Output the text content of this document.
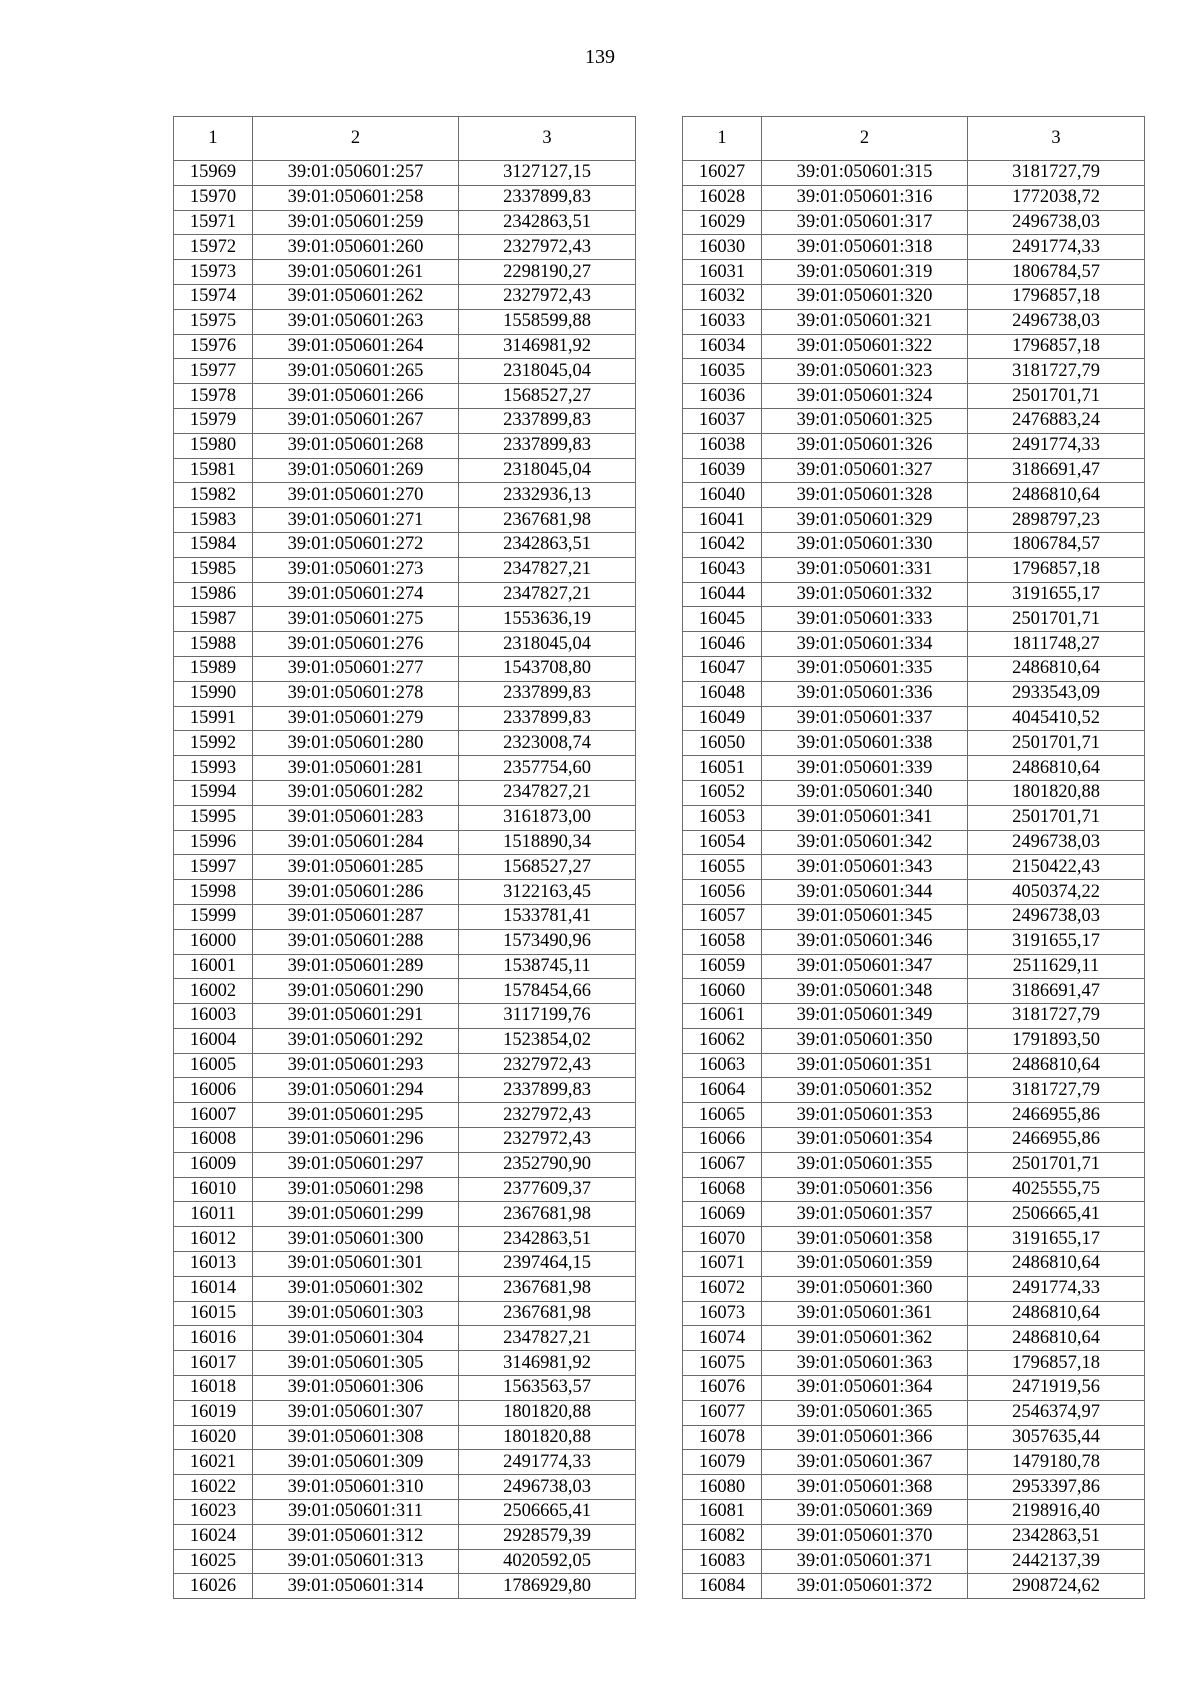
139
1	2	3
15969	39:01:050601:257	3127127,15
15970	39:01:050601:258	2337899,83
15971	39:01:050601:259	2342863,51
15972	39:01:050601:260	2327972,43
15973	39:01:050601:261	2298190,27
15974	39:01:050601:262	2327972,43
15975	39:01:050601:263	1558599,88
15976	39:01:050601:264	3146981,92
15977	39:01:050601:265	2318045,04
15978	39:01:050601:266	1568527,27
15979	39:01:050601:267	2337899,83
15980	39:01:050601:268	2337899,83
15981	39:01:050601:269	2318045,04
15982	39:01:050601:270	2332936,13
15983	39:01:050601:271	2367681,98
15984	39:01:050601:272	2342863,51
15985	39:01:050601:273	2347827,21
15986	39:01:050601:274	2347827,21
15987	39:01:050601:275	1553636,19
15988	39:01:050601:276	2318045,04
15989	39:01:050601:277	1543708,80
15990	39:01:050601:278	2337899,83
15991	39:01:050601:279	2337899,83
15992	39:01:050601:280	2323008,74
15993	39:01:050601:281	2357754,60
15994	39:01:050601:282	2347827,21
15995	39:01:050601:283	3161873,00
15996	39:01:050601:284	1518890,34
15997	39:01:050601:285	1568527,27
15998	39:01:050601:286	3122163,45
15999	39:01:050601:287	1533781,41
16000	39:01:050601:288	1573490,96
16001	39:01:050601:289	1538745,11
16002	39:01:050601:290	1578454,66
16003	39:01:050601:291	3117199,76
16004	39:01:050601:292	1523854,02
16005	39:01:050601:293	2327972,43
16006	39:01:050601:294	2337899,83
16007	39:01:050601:295	2327972,43
16008	39:01:050601:296	2327972,43
16009	39:01:050601:297	2352790,90
16010	39:01:050601:298	2377609,37
16011	39:01:050601:299	2367681,98
16012	39:01:050601:300	2342863,51
16013	39:01:050601:301	2397464,15
16014	39:01:050601:302	2367681,98
16015	39:01:050601:303	2367681,98
16016	39:01:050601:304	2347827,21
16017	39:01:050601:305	3146981,92
16018	39:01:050601:306	1563563,57
16019	39:01:050601:307	1801820,88
16020	39:01:050601:308	1801820,88
16021	39:01:050601:309	2491774,33
16022	39:01:050601:310	2496738,03
16023	39:01:050601:311	2506665,41
16024	39:01:050601:312	2928579,39
16025	39:01:050601:313	4020592,05
16026	39:01:050601:314	1786929,80
1	2	3
16027	39:01:050601:315	3181727,79
16028	39:01:050601:316	1772038,72
16029	39:01:050601:317	2496738,03
16030	39:01:050601:318	2491774,33
16031	39:01:050601:319	1806784,57
16032	39:01:050601:320	1796857,18
16033	39:01:050601:321	2496738,03
16034	39:01:050601:322	1796857,18
16035	39:01:050601:323	3181727,79
16036	39:01:050601:324	2501701,71
16037	39:01:050601:325	2476883,24
16038	39:01:050601:326	2491774,33
16039	39:01:050601:327	3186691,47
16040	39:01:050601:328	2486810,64
16041	39:01:050601:329	2898797,23
16042	39:01:050601:330	1806784,57
16043	39:01:050601:331	1796857,18
16044	39:01:050601:332	3191655,17
16045	39:01:050601:333	2501701,71
16046	39:01:050601:334	1811748,27
16047	39:01:050601:335	2486810,64
16048	39:01:050601:336	2933543,09
16049	39:01:050601:337	4045410,52
16050	39:01:050601:338	2501701,71
16051	39:01:050601:339	2486810,64
16052	39:01:050601:340	1801820,88
16053	39:01:050601:341	2501701,71
16054	39:01:050601:342	2496738,03
16055	39:01:050601:343	2150422,43
16056	39:01:050601:344	4050374,22
16057	39:01:050601:345	2496738,03
16058	39:01:050601:346	3191655,17
16059	39:01:050601:347	2511629,11
16060	39:01:050601:348	3186691,47
16061	39:01:050601:349	3181727,79
16062	39:01:050601:350	1791893,50
16063	39:01:050601:351	2486810,64
16064	39:01:050601:352	3181727,79
16065	39:01:050601:353	2466955,86
16066	39:01:050601:354	2466955,86
16067	39:01:050601:355	2501701,71
16068	39:01:050601:356	4025555,75
16069	39:01:050601:357	2506665,41
16070	39:01:050601:358	3191655,17
16071	39:01:050601:359	2486810,64
16072	39:01:050601:360	2491774,33
16073	39:01:050601:361	2486810,64
16074	39:01:050601:362	2486810,64
16075	39:01:050601:363	1796857,18
16076	39:01:050601:364	2471919,56
16077	39:01:050601:365	2546374,97
16078	39:01:050601:366	3057635,44
16079	39:01:050601:367	1479180,78
16080	39:01:050601:368	2953397,86
16081	39:01:050601:369	2198916,40
16082	39:01:050601:370	2342863,51
16083	39:01:050601:371	2442137,39
16084	39:01:050601:372	2908724,62
